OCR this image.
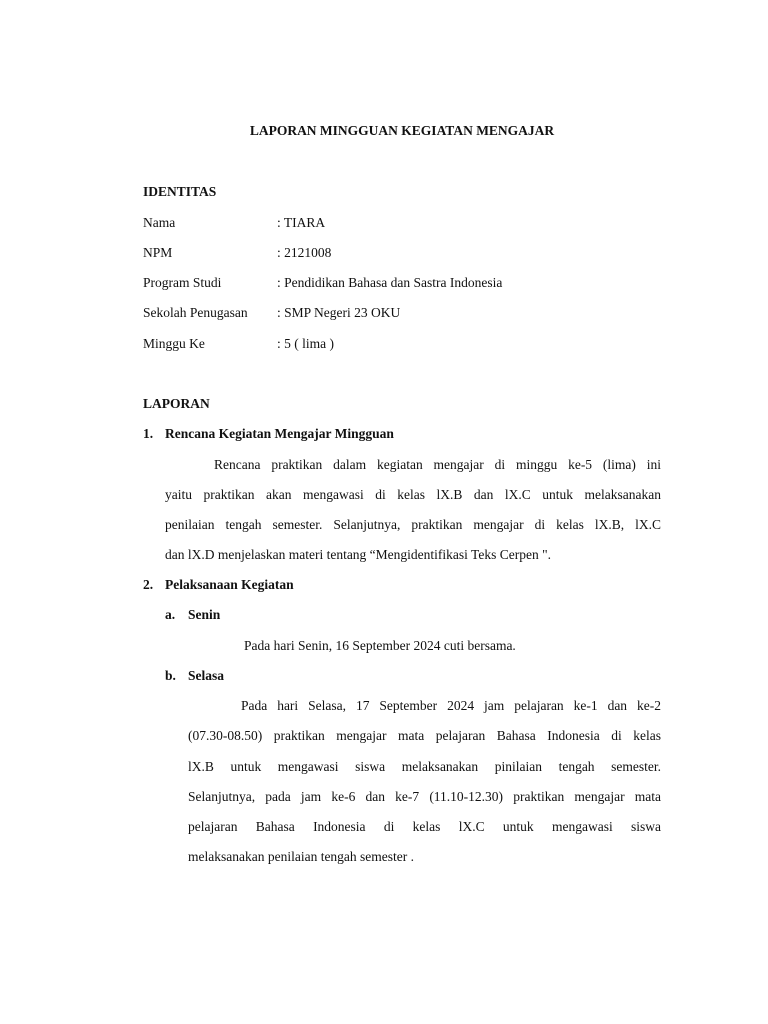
LAPORAN MINGGUAN KEGIATAN MENGAJAR
IDENTITAS
Nama	: TIARA
NPM	: 2121008
Program Studi	: Pendidikan Bahasa dan Sastra Indonesia
Sekolah Penugasan : SMP Negeri 23 OKU
Minggu Ke	: 5 ( lima )
LAPORAN
1. Rencana Kegiatan Mengajar Mingguan
Rencana praktikan dalam kegiatan mengajar di minggu ke-5 (lima) ini
yaitu praktikan akan mengawasi di kelas lX.B dan lX.C untuk melaksanakan
penilaian tengah semester. Selanjutnya, praktikan mengajar di kelas lX.B, lX.C
dan lX.D menjelaskan materi tentang “Mengidentifikasi Teks Cerpen ".
2. Pelaksanaan Kegiatan
a. Senin
Pada hari Senin, 16 September 2024 cuti bersama.
b. Selasa
Pada hari Selasa, 17 September 2024 jam pelajaran ke-1 dan ke-2
(07.30-08.50) praktikan mengajar mata pelajaran Bahasa Indonesia di kelas
lX.B untuk mengawasi siswa melaksanakan pinilaian tengah semester.
Selanjutnya, pada jam ke-6 dan ke-7 (11.10-12.30) praktikan mengajar mata
pelajaran Bahasa Indonesia di kelas lX.C untuk mengawasi siswa
melaksanakan penilaian tengah semester .
